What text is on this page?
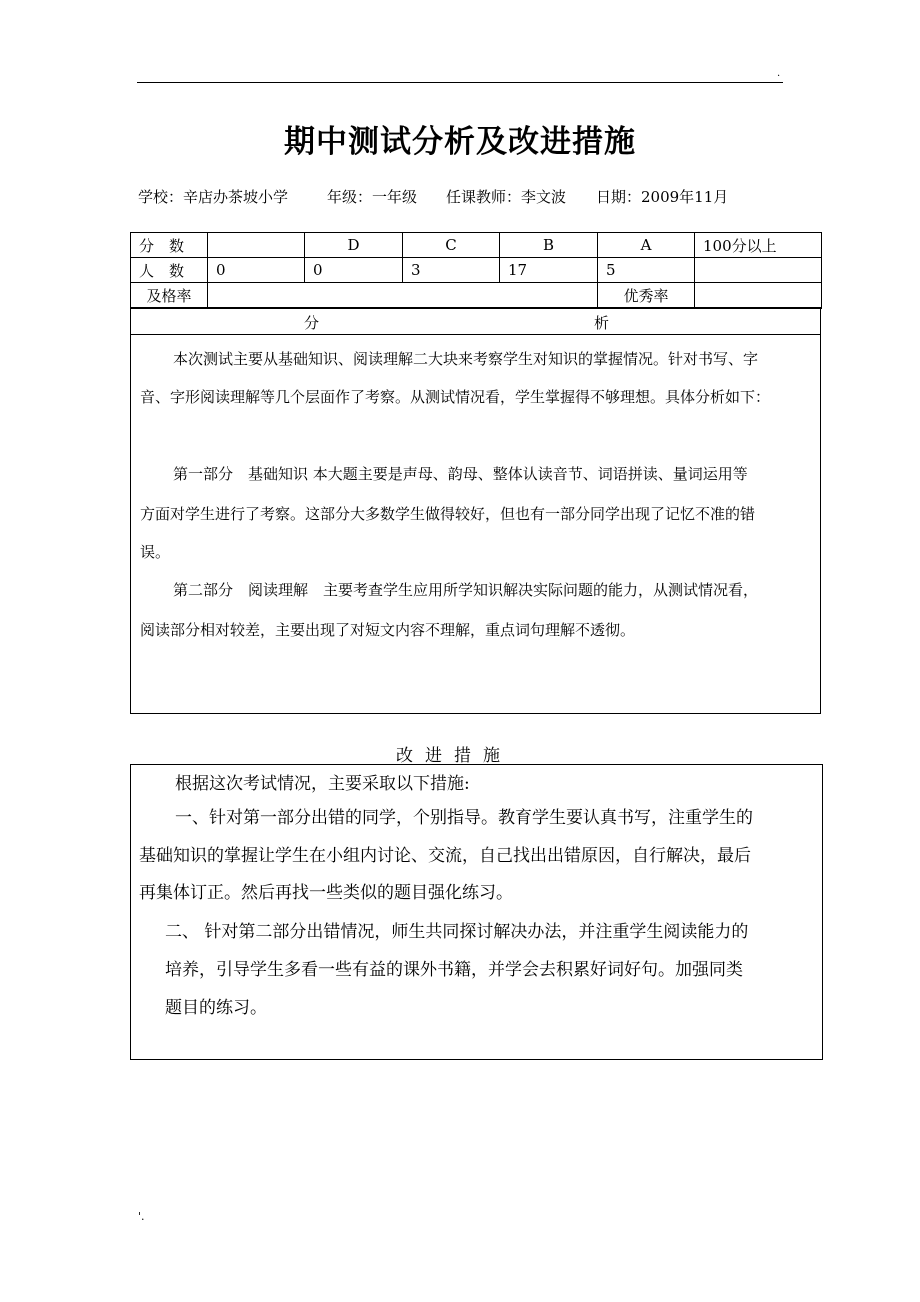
.
期中测试分析及改进措施
学校：辛店办茶坡小学	年级：一年级 任课教师：李文波 日期：2009年11月
分　数		D	C	B	A	100分以上
人　数	0	0	3	17	5	
及格率					优秀率	
分	析

本次测试主要从基础知识、阅读理解二大块来考察学生对知识的掌握情况。针对书写、字

音、字形阅读理解等几个层面作了考察。从测试情况看，学生掌握得不够理想。具体分析如下：

第一部分　基础知识 本大题主要是声母、韵母、整体认读音节、词语拼读、量词运用等

方面对学生进行了考察。这部分大多数学生做得较好，但也有一部分同学出现了记忆不准的错

误。

第二部分　阅读理解　主要考查学生应用所学知识解决实际问题的能力，从测试情况看，

阅读部分相对较差，主要出现了对短文内容不理解，重点词句理解不透彻。

改进措施

根据这次考试情况，主要采取以下措施:

一、针对第一部分出错的同学，个别指导。教育学生要认真书写，注重学生的

基础知识的掌握让学生在小组内讨论、交流，自己找出出错原因，自行解决，最后

再集体订正。然后再找一些类似的题目强化练习。

二、 针对第二部分出错情况，师生共同探讨解决办法，并注重学生阅读能力的

培养，引导学生多看一些有益的课外书籍，并学会去积累好词好句。加强同类

题目的练习。

'.
